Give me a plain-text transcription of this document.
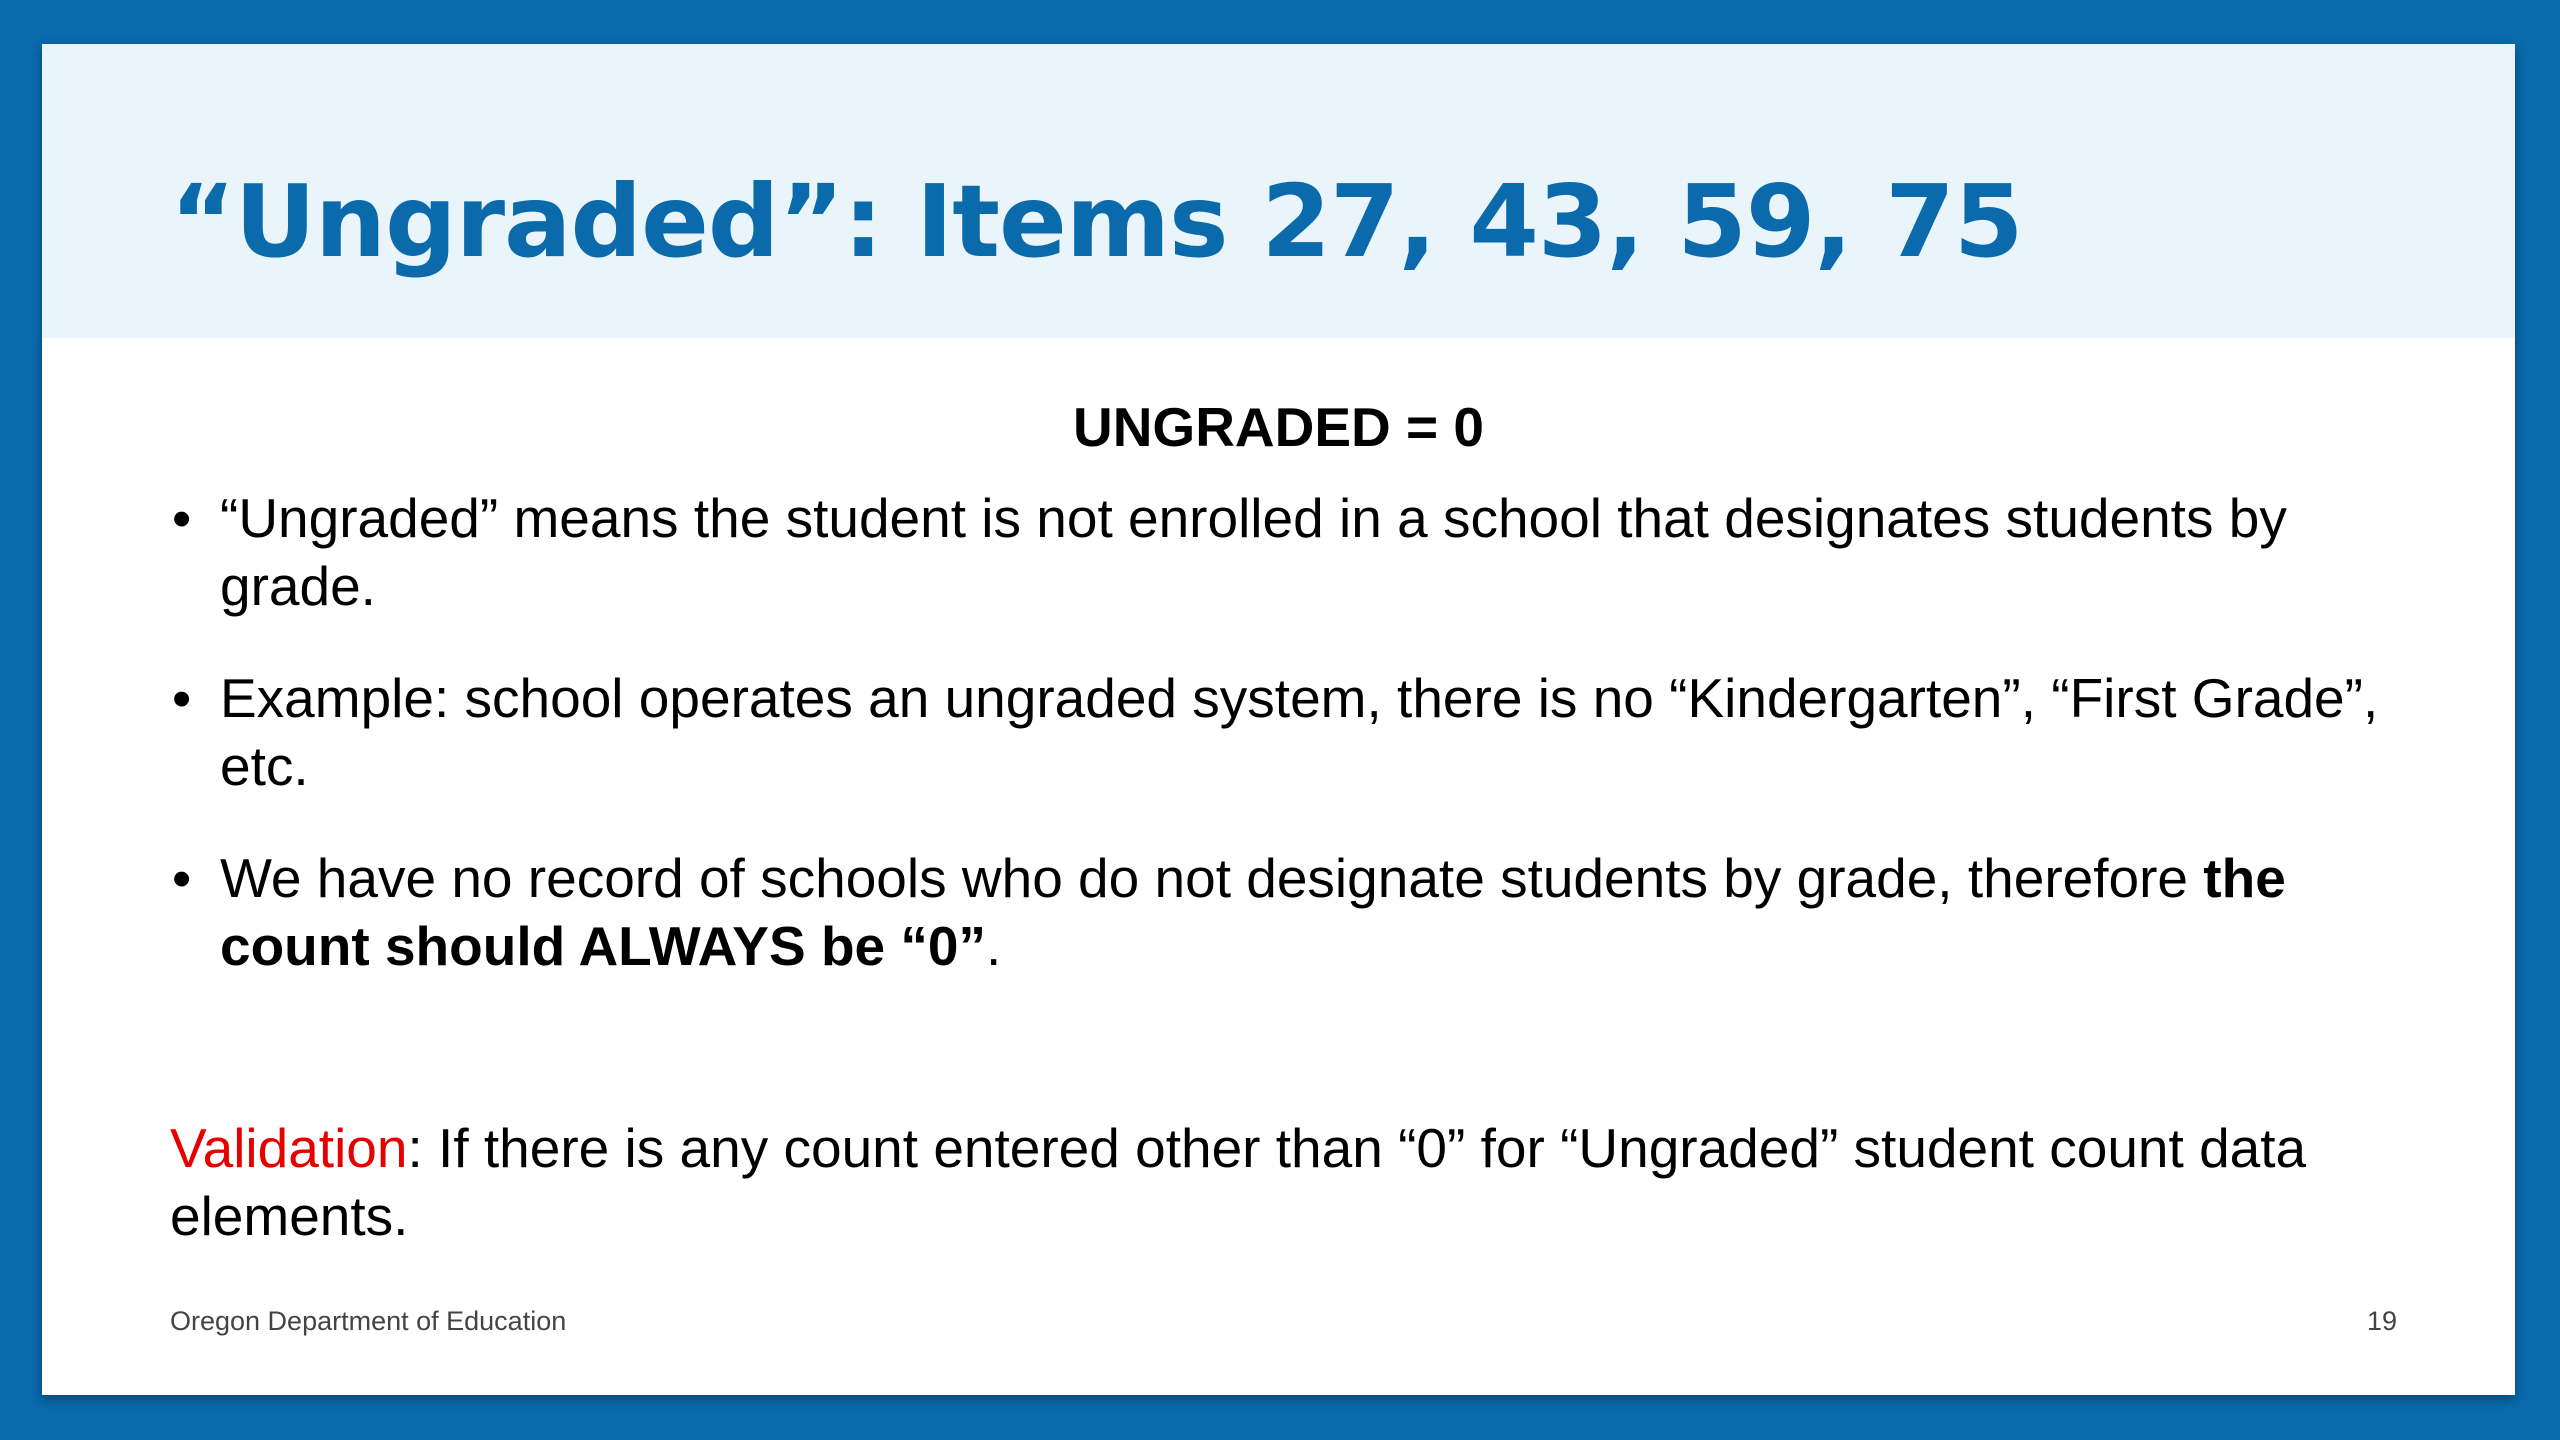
“Ungraded”: Items 27, 43, 59, 75
UNGRADED = 0
• “Ungraded” means the student is not enrolled in a school that designates students by grade.
• Example: school operates an ungraded system, there is no “Kindergarten”, “First Grade”, etc.
• We have no record of schools who do not designate students by grade, therefore the count should ALWAYS be “0”.
Validation: If there is any count entered other than “0” for “Ungraded” student count data elements.
Oregon Department of Education	19
